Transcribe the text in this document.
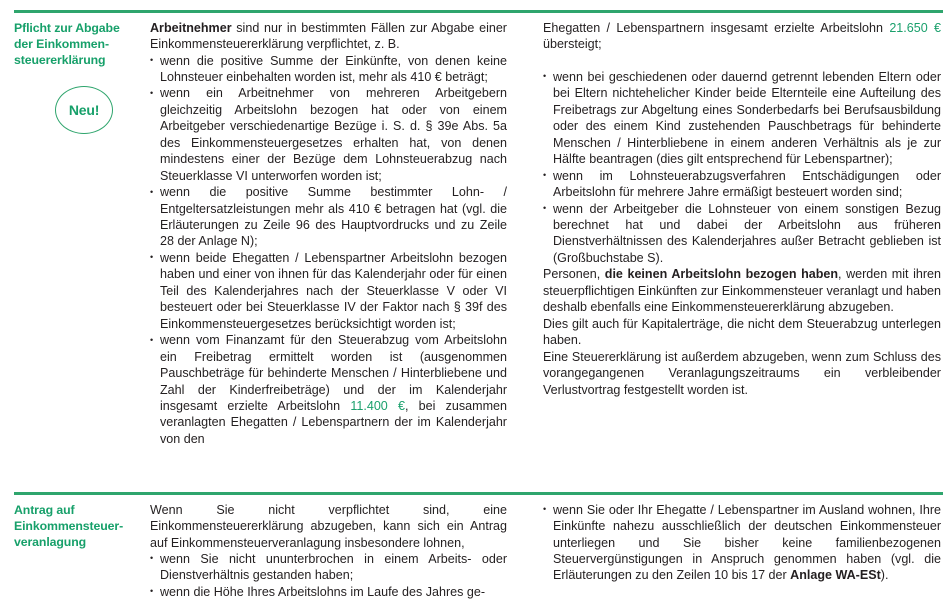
Pflicht zur Abgabe
der Einkommen-
steuererklärung
Neu!

Arbeitnehmer sind nur in bestimmten Fällen zur Abgabe einer Einkommensteuererklärung verpflichtet, z. B.

• wenn die positive Summe der Einkünfte, von denen keine Lohnsteuer einbehalten worden ist, mehr als 410 € beträgt;
• wenn ein Arbeitnehmer von mehreren Arbeitgebern gleichzeitig Arbeitslohn bezogen hat oder von einem Arbeitgeber verschiedenartige Bezüge i. S. d. § 39e Abs. 5a des Einkommensteuergesetzes erhalten hat, von denen mindestens einer der Bezüge dem Lohnsteuerabzug nach Steuerklasse VI unterworfen worden ist;
• wenn die positive Summe bestimmter Lohn- / Entgeltersatzleistungen mehr als 410 € betragen hat (vgl. die Erläuterungen zu Zeile 96 des Hauptvordrucks und zu Zeile 28 der Anlage N);
• wenn beide Ehegatten / Lebenspartner Arbeitslohn bezogen haben und einer von ihnen für das Kalenderjahr oder für einen Teil des Kalenderjahres nach der Steuerklasse V oder VI besteuert oder bei Steuerklasse IV der Faktor nach § 39f des Einkommensteuergesetzes berücksichtigt worden ist;
• wenn vom Finanzamt für den Steuerabzug vom Arbeitslohn ein Freibetrag ermittelt worden ist (ausgenommen Pauschbeträge für behinderte Menschen / Hinterbliebene und Zahl der Kinderfreibeträge) und der im Kalenderjahr insgesamt erzielte Arbeitslohn 11.400 €, bei zusammen veranlagten Ehegatten / Lebenspartnern der im Kalenderjahr von den

Ehegatten / Lebenspartnern insgesamt erzielte Arbeitslohn 21.650 € übersteigt;

• wenn bei geschiedenen oder dauernd getrennt lebenden Eltern oder bei Eltern nichtehelicher Kinder beide Elternteile eine Aufteilung des Freibetrags zur Abgeltung eines Sonderbedarfs bei Berufsausbildung oder des einem Kind zustehenden Pauschbetrags für behinderte Menschen / Hinterbliebene in einem anderen Verhältnis als je zur Hälfte beantragen (dies gilt entsprechend für Lebenspartner);
• wenn im Lohnsteuerabzugsverfahren Entschädigungen oder Arbeitslohn für mehrere Jahre ermäßigt besteuert worden sind;
• wenn der Arbeitgeber die Lohnsteuer von einem sonstigen Bezug berechnet hat und dabei der Arbeitslohn aus früheren Dienstverhältnissen des Kalenderjahres außer Betracht geblieben ist (Großbuchstabe S).

Personen, die keinen Arbeitslohn bezogen haben, werden mit ihren steuerpflichtigen Einkünften zur Einkommensteuer veranlagt und haben deshalb ebenfalls eine Einkommensteuererklärung abzugeben.

Dies gilt auch für Kapitalerträge, die nicht dem Steuerabzug unterlegen haben.

Eine Steuererklärung ist außerdem abzugeben, wenn zum Schluss des vorangegangenen Veranlagungszeitraums ein verbleibender Verlustvortrag festgestellt worden ist.

Antrag auf
Einkommensteuer-
veranlagung

Wenn Sie nicht verpflichtet sind, eine Einkommensteuererklärung abzugeben, kann sich ein Antrag auf Einkommensteuerveranlagung insbesondere lohnen,

• wenn Sie nicht ununterbrochen in einem Arbeits- oder Dienstverhältnis gestanden haben;
• wenn die Höhe Ihres Arbeitslohns im Laufe des Jahres ge-
• wenn Sie oder Ihr Ehegatte / Lebenspartner im Ausland wohnen, Ihre Einkünfte nahezu ausschließlich der deutschen Einkommensteuer unterliegen und Sie bisher keine familienbezogenen Steuervergünstigungen in Anspruch genommen haben (vgl. die Erläuterungen zu den Zeilen 10 bis 17 der Anlage WA-ESt).
